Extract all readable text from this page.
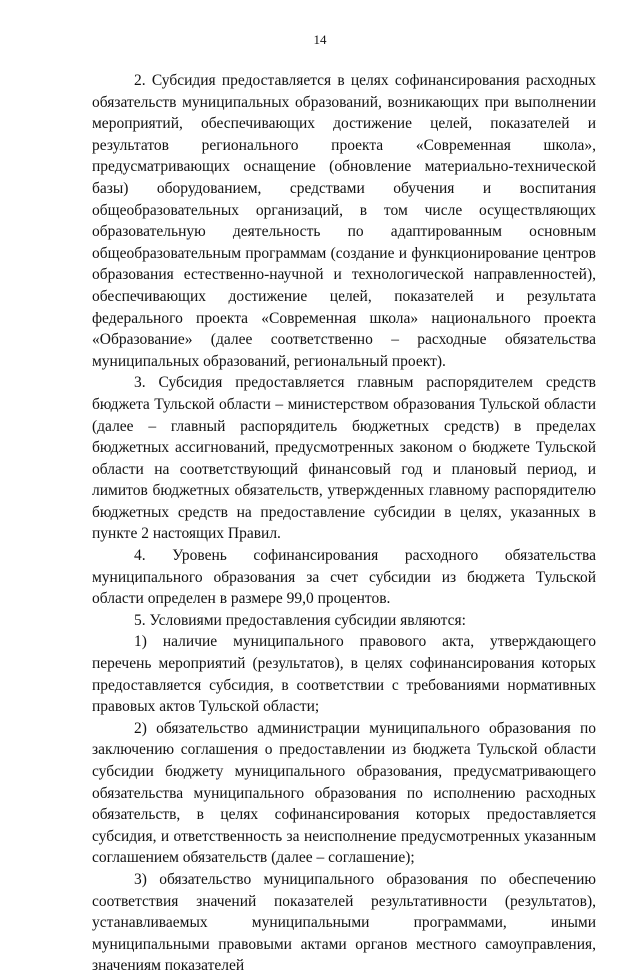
14

2. Субсидия предоставляется в целях софинансирования расходных обязательств муниципальных образований, возникающих при выполнении мероприятий, обеспечивающих достижение целей, показателей и результатов регионального проекта «Современная школа», предусматривающих оснащение (обновление материально-технической базы) оборудованием, средствами обучения и воспитания общеобразовательных организаций, в том числе осуществляющих образовательную деятельность по адаптированным основным общеобразовательным программам (создание и функционирование центров образования естественно-научной и технологической направленностей), обеспечивающих достижение целей, показателей и результата федерального проекта «Современная школа» национального проекта «Образование» (далее соответственно – расходные обязательства муниципальных образований, региональный проект).

3. Субсидия предоставляется главным распорядителем средств бюджета Тульской области – министерством образования Тульской области (далее – главный распорядитель бюджетных средств) в пределах бюджетных ассигнований, предусмотренных законом о бюджете Тульской области на соответствующий финансовый год и плановый период, и лимитов бюджетных обязательств, утвержденных главному распорядителю бюджетных средств на предоставление субсидии в целях, указанных в пункте 2 настоящих Правил.

4. Уровень софинансирования расходного обязательства муниципального образования за счет субсидии из бюджета Тульской области определен в размере 99,0 процентов.

5. Условиями предоставления субсидии являются:

1) наличие муниципального правового акта, утверждающего перечень мероприятий (результатов), в целях софинансирования которых предоставляется субсидия, в соответствии с требованиями нормативных правовых актов Тульской области;

2) обязательство администрации муниципального образования по заключению соглашения о предоставлении из бюджета Тульской области субсидии бюджету муниципального образования, предусматривающего обязательства муниципального образования по исполнению расходных обязательств, в целях софинансирования которых предоставляется субсидия, и ответственность за неисполнение предусмотренных указанным соглашением обязательств (далее – соглашение);

3) обязательство муниципального образования по обеспечению соответствия значений показателей результативности (результатов), устанавливаемых муниципальными программами, иными муниципальными правовыми актами органов местного самоуправления, значениям показателей
